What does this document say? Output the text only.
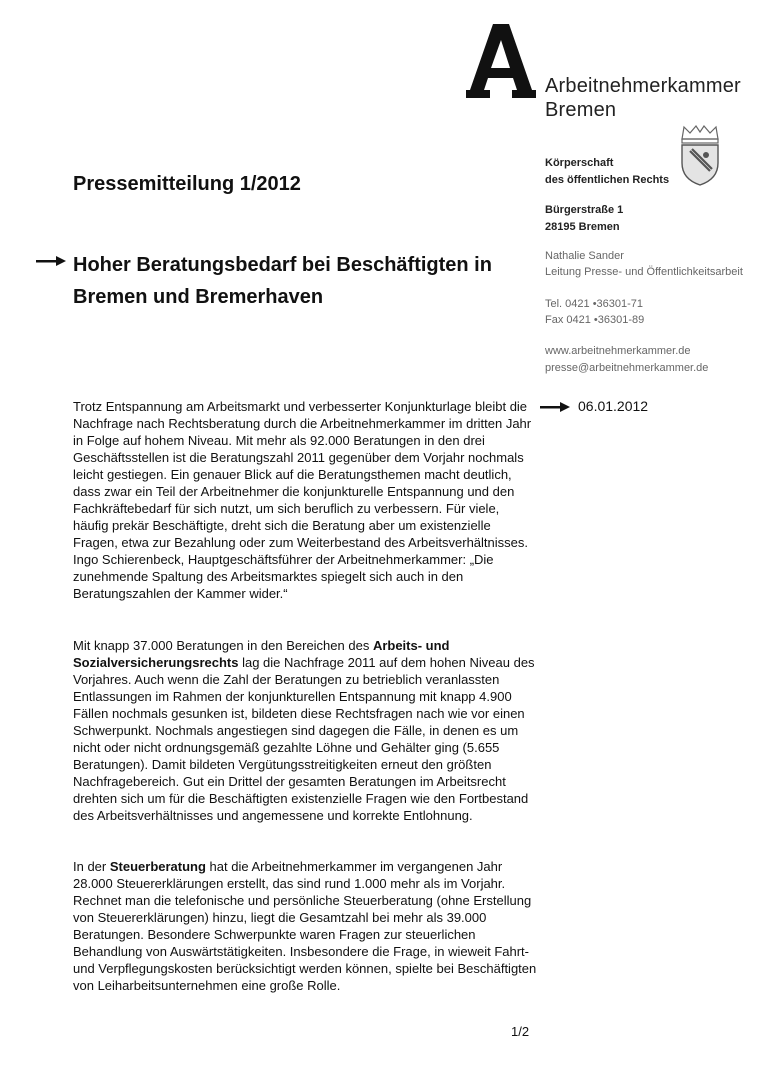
Arbeitnehmerkammer
Bremen
Pressemitteilung 1/2012
Hoher Beratungsbedarf bei Beschäftigten in
Bremen und Bremerhaven
Körperschaft
des öffentlichen Rechts
Bürgerstraße 1
28195 Bremen
Nathalie Sander
Leitung Presse- und Öffentlichkeitsarbeit
Tel. 0421 •36301-71
Fax 0421 •36301-89
www.arbeitnehmerkammer.de
presse@arbeitnehmerkammer.de
06.01.2012

Trotz Entspannung am Arbeitsmarkt und verbesserter Konjunkturlage bleibt die Nachfrage nach Rechtsberatung durch die Arbeitnehmerkammer im dritten Jahr in Folge auf hohem Niveau. Mit mehr als 92.000 Beratungen in den drei Geschäftsstellen ist die Beratungszahl 2011 gegenüber dem Vorjahr nochmals leicht gestiegen. Ein genauer Blick auf die Beratungsthemen macht deutlich, dass zwar ein Teil der Arbeitnehmer die konjunkturelle Entspannung und den Fachkräftebedarf für sich nutzt, um sich beruflich zu verbessern. Für viele, häufig prekär Beschäftigte, dreht sich die Beratung aber um existenzielle Fragen, etwa zur Bezahlung oder zum Weiterbestand des Arbeitsverhältnisses. Ingo Schierenbeck, Hauptgeschäftsführer der Arbeitnehmerkammer: „Die zunehmende Spaltung des Arbeitsmarktes spiegelt sich auch in den Beratungszahlen der Kammer wider.“

Mit knapp 37.000 Beratungen in den Bereichen des Arbeits- und Sozialversicherungsrechts lag die Nachfrage 2011 auf dem hohen Niveau des Vorjahres. Auch wenn die Zahl der Beratungen zu betrieblich veranlassten Entlassungen im Rahmen der konjunkturellen Entspannung mit knapp 4.900 Fällen nochmals gesunken ist, bildeten diese Rechtsfragen nach wie vor einen Schwerpunkt. Nochmals angestiegen sind dagegen die Fälle, in denen es um nicht oder nicht ordnungsgemäß gezahlte Löhne und Gehälter ging (5.655 Beratungen). Damit bildeten Vergütungsstreitigkeiten erneut den größten Nachfragebereich. Gut ein Drittel der gesamten Beratungen im Arbeitsrecht drehten sich um für die Beschäftigten existenzielle Fragen wie den Fortbestand des Arbeitsverhältnisses und angemessene und korrekte Entlohnung.

In der Steuerberatung hat die Arbeitnehmerkammer im vergangenen Jahr 28.000 Steuererklärungen erstellt, das sind rund 1.000 mehr als im Vorjahr. Rechnet man die telefonische und persönliche Steuerberatung (ohne Erstellung von Steuererklärungen) hinzu, liegt die Gesamtzahl bei mehr als 39.000 Beratungen. Besondere Schwerpunkte waren Fragen zur steuerlichen Behandlung von Auswärtstätigkeiten. Insbesondere die Frage, in wieweit Fahrt- und Verpflegungskosten berücksichtigt werden können, spielte bei Beschäftigten von Leiharbeitsunternehmen eine große Rolle.

1/2
